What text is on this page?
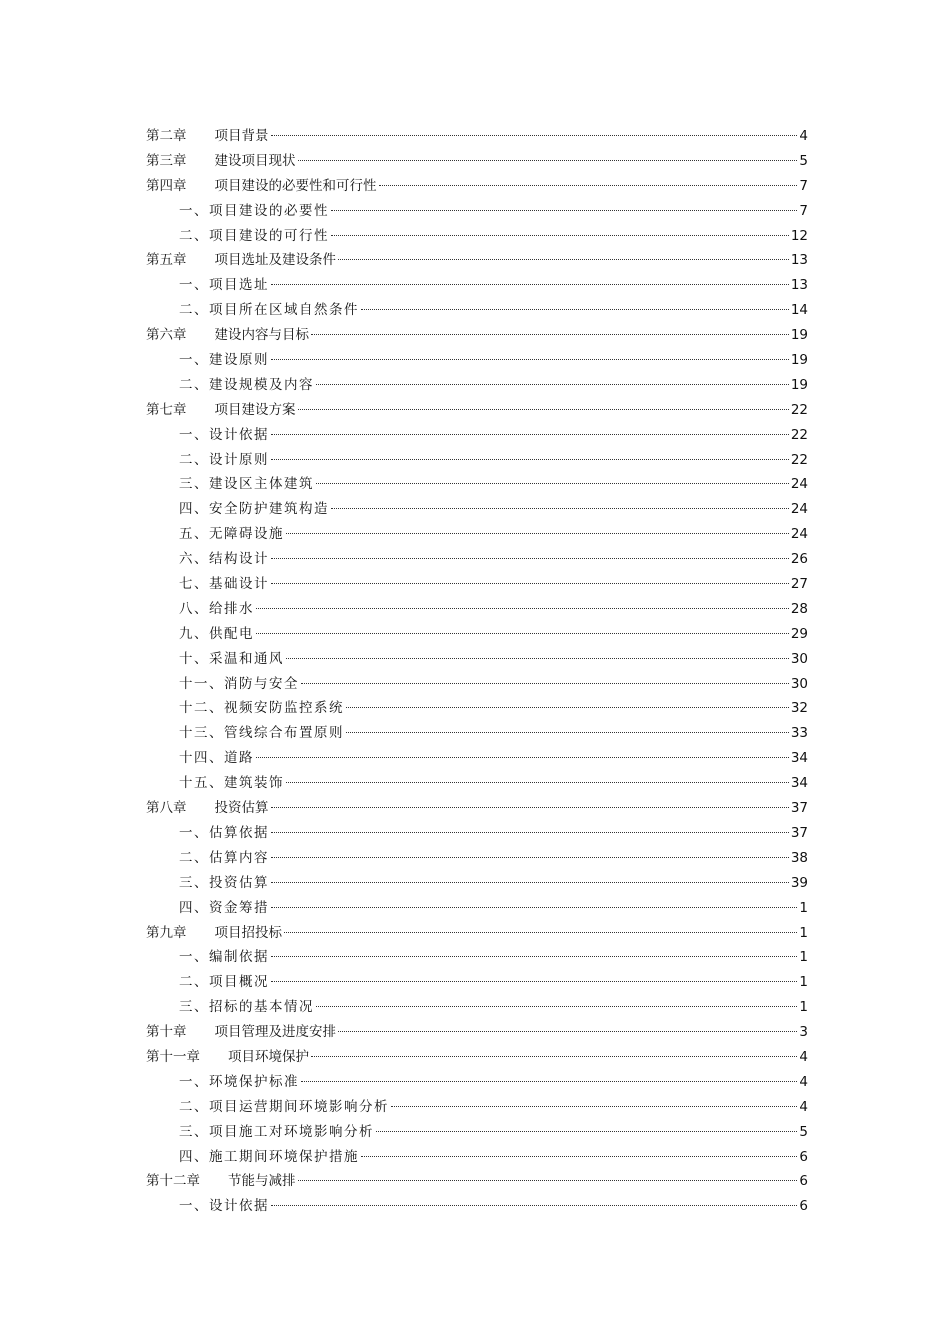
第二章 项目背景	4
第三章 建设项目现状	5
第四章 项目建设的必要性和可行性	7
一、项目建设的必要性	7
二、项目建设的可行性	12
第五章 项目选址及建设条件	13
一、项目选址	13
二、项目所在区域自然条件	14
第六章 建设内容与目标	19
一、建设原则	19
二、建设规模及内容	19
第七章 项目建设方案	22
一、设计依据	22
二、设计原则	22
三、建设区主体建筑	24
四、安全防护建筑构造	24
五、无障碍设施	24
六、结构设计	26
七、基础设计	27
八、给排水	28
九、供配电	29
十、采温和通风	30
十一、消防与安全	30
十二、视频安防监控系统	32
十三、管线综合布置原则	33
十四、道路	34
十五、建筑装饰	34
第八章 投资估算	37
一、估算依据	37
二、估算内容	38
三、投资估算	39
四、资金筹措	1
第九章 项目招投标	1
一、编制依据	1
二、项目概况	1
三、招标的基本情况	1
第十章 项目管理及进度安排	3
第十一章 项目环境保护	4
一、环境保护标准	4
二、项目运营期间环境影响分析	4
三、项目施工对环境影响分析	5
四、施工期间环境保护措施	6
第十二章 节能与减排	6
一、设计依据	6
